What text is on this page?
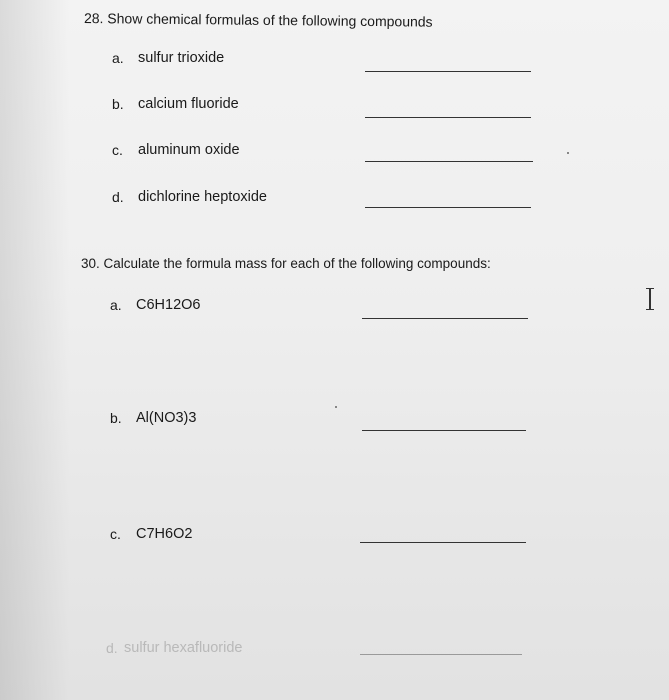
28. Show chemical formulas of the following compounds
a. sulfur trioxide
b. calcium fluoride
c. aluminum oxide
d. dichlorine heptoxide
30. Calculate the formula mass for each of the following compounds:
a. C6H12O6
b. Al(NO3)3
c. C7H6O2
d. sulfur hexafluoride
